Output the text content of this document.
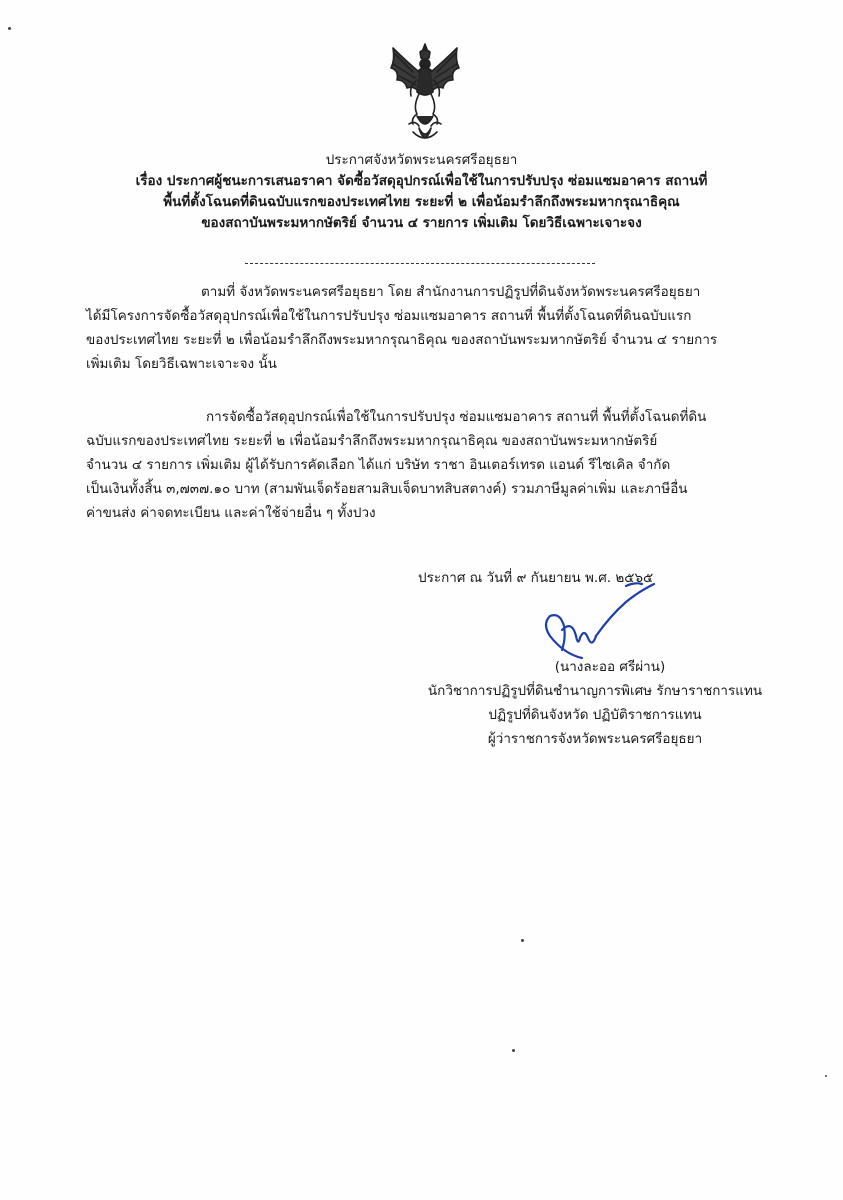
ประกาศจังหวัดพระนครศรีอยุธยา
เรื่อง ประกาศผู้ชนะการเสนอราคา จัดซื้อวัสดุอุปกรณ์เพื่อใช้ในการปรับปรุง ซ่อมแซมอาคาร สถานที่
พื้นที่ตั้งโฉนดที่ดินฉบับแรกของประเทศไทย ระยะที่ ๒ เพื่อน้อมรำลึกถึงพระมหากรุณาธิคุณ
ของสถาบันพระมหากษัตริย์ จำนวน ๔ รายการ เพิ่มเติม โดยวิธีเฉพาะเจาะจง
ตามที่ จังหวัดพระนครศรีอยุธยา โดย สำนักงานการปฏิรูปที่ดินจังหวัดพระนครศรีอยุธยา
ได้มีโครงการจัดซื้อวัสดุอุปกรณ์เพื่อใช้ในการปรับปรุง ซ่อมแซมอาคาร สถานที่ พื้นที่ตั้งโฉนดที่ดินฉบับแรก
ของประเทศไทย ระยะที่ ๒ เพื่อน้อมรำลึกถึงพระมหากรุณาธิคุณ ของสถาบันพระมหากษัตริย์ จำนวน ๔ รายการ
เพิ่มเติม โดยวิธีเฉพาะเจาะจง นั้น
การจัดซื้อวัสดุอุปกรณ์เพื่อใช้ในการปรับปรุง ซ่อมแซมอาคาร สถานที่ พื้นที่ตั้งโฉนดที่ดิน
ฉบับแรกของประเทศไทย ระยะที่ ๒ เพื่อน้อมรำลึกถึงพระมหากรุณาธิคุณ ของสถาบันพระมหากษัตริย์
จำนวน ๔ รายการ เพิ่มเติม ผู้ได้รับการคัดเลือก ได้แก่ บริษัท ราชา อินเตอร์เทรด แอนด์ รีไซเคิล จำกัด
เป็นเงินทั้งสิ้น ๓,๗๓๗.๑๐ บาท (สามพันเจ็ดร้อยสามสิบเจ็ดบาทสิบสตางค์) รวมภาษีมูลค่าเพิ่ม และภาษีอื่น
ค่าขนส่ง ค่าจดทะเบียน และค่าใช้จ่ายอื่น ๆ ทั้งปวง
ประกาศ ณ วันที่ ๙ กันยายน พ.ศ. ๒๕๖๕
(นางละออ ศรีผ่าน)
นักวิชาการปฏิรูปที่ดินชำนาญการพิเศษ รักษาราชการแทน
ปฏิรูปที่ดินจังหวัด ปฏิบัติราชการแทน
ผู้ว่าราชการจังหวัดพระนครศรีอยุธยา
